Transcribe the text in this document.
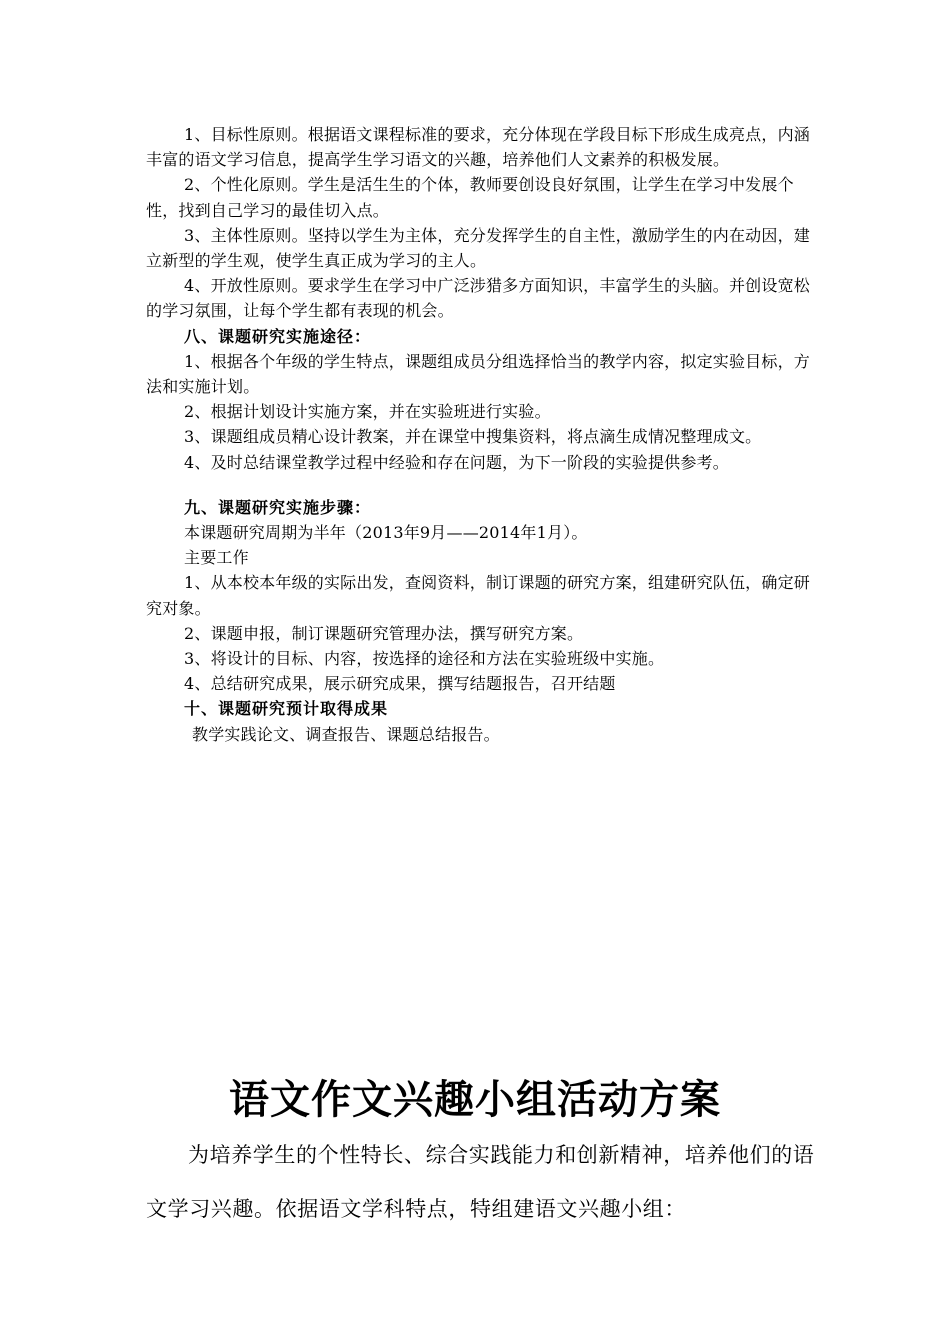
1、目标性原则。根据语文课程标准的要求，充分体现在学段目标下形成生成亮点，内涵丰富的语文学习信息，提高学生学习语文的兴趣，培养他们人文素养的积极发展。

2、个性化原则。学生是活生生的个体，教师要创设良好氛围，让学生在学习中发展个性，找到自己学习的最佳切入点。

3、主体性原则。坚持以学生为主体，充分发挥学生的自主性，激励学生的内在动因，建立新型的学生观，使学生真正成为学习的主人。

4、开放性原则。要求学生在学习中广泛涉猎多方面知识，丰富学生的头脑。并创设宽松的学习氛围，让每个学生都有表现的机会。

八、课题研究实施途径：

1、根据各个年级的学生特点，课题组成员分组选择恰当的教学内容，拟定实验目标，方法和实施计划。

2、根据计划设计实施方案，并在实验班进行实验。

3、课题组成员精心设计教案，并在课堂中搜集资料，将点滴生成情况整理成文。

4、及时总结课堂教学过程中经验和存在问题，为下一阶段的实验提供参考。

九、课题研究实施步骤：

本课题研究周期为半年（2013年9月——2014年1月）。

主要工作

1、从本校本年级的实际出发，查阅资料，制订课题的研究方案，组建研究队伍，确定研究对象。

2、课题申报，制订课题研究管理办法，撰写研究方案。

3、将设计的目标、内容，按选择的途径和方法在实验班级中实施。

4、总结研究成果，展示研究成果，撰写结题报告，召开结题

十、课题研究预计取得成果

教学实践论文、调查报告、课题总结报告。

语文作文兴趣小组活动方案

为培养学生的个性特长、综合实践能力和创新精神，培养他们的语文学习兴趣。依据语文学科特点，特组建语文兴趣小组：
